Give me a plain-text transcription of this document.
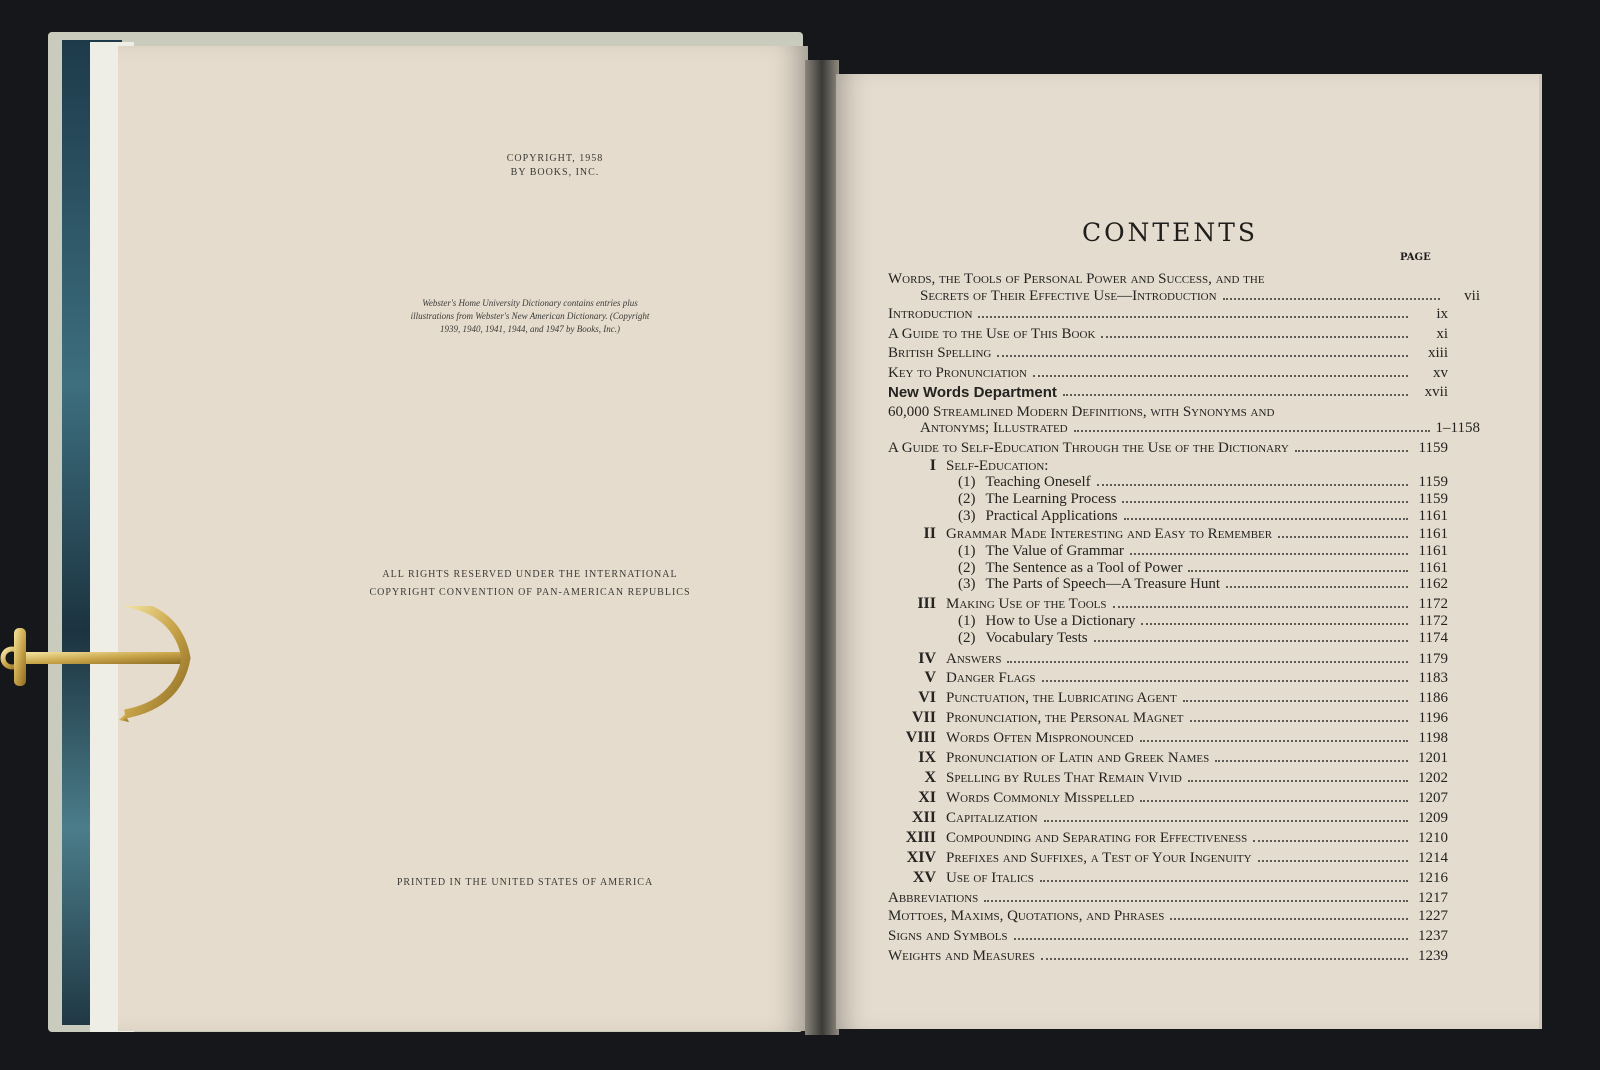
COPYRIGHT, 1958
BY BOOKS, INC.
Webster's Home University Dictionary contains entries plus illustrations from Webster's New American Dictionary. (Copyright 1939, 1940, 1941, 1944, and 1947 by Books, Inc.)
ALL RIGHTS RESERVED UNDER THE INTERNATIONAL COPYRIGHT CONVENTION OF PAN-AMERICAN REPUBLICS
PRINTED IN THE UNITED STATES OF AMERICA
CONTENTS
PAGE
Words, the Tools of Personal Power and Success, and the
Secrets of Their Effective Use—Introduction	vii
Introduction	ix
A Guide to the Use of This Book	xi
British Spelling	xiii
Key to Pronunciation	xv
New Words Department	xvii
60,000 Streamlined Modern Definitions, with Synonyms and
Antonyms; Illustrated	1–1158
A Guide to Self-Education Through the Use of the Dictionary	1159
I Self-Education:
(1) Teaching Oneself	1159
(2) The Learning Process	1159
(3) Practical Applications	1161
II Grammar Made Interesting and Easy to Remember	1161
(1) The Value of Grammar	1161
(2) The Sentence as a Tool of Power	1161
(3) The Parts of Speech—A Treasure Hunt	1162
III Making Use of the Tools	1172
(1) How to Use a Dictionary	1172
(2) Vocabulary Tests	1174
IV Answers	1179
V Danger Flags	1183
VI Punctuation, the Lubricating Agent	1186
VII Pronunciation, the Personal Magnet	1196
VIII Words Often Mispronounced	1198
IX Pronunciation of Latin and Greek Names	1201
X Spelling by Rules That Remain Vivid	1202
XI Words Commonly Misspelled	1207
XII Capitalization	1209
XIII Compounding and Separating for Effectiveness	1210
XIV Prefixes and Suffixes, a Test of Your Ingenuity	1214
XV Use of Italics	1216
Abbreviations	1217
Mottoes, Maxims, Quotations, and Phrases	1227
Signs and Symbols	1237
Weights and Measures	1239
